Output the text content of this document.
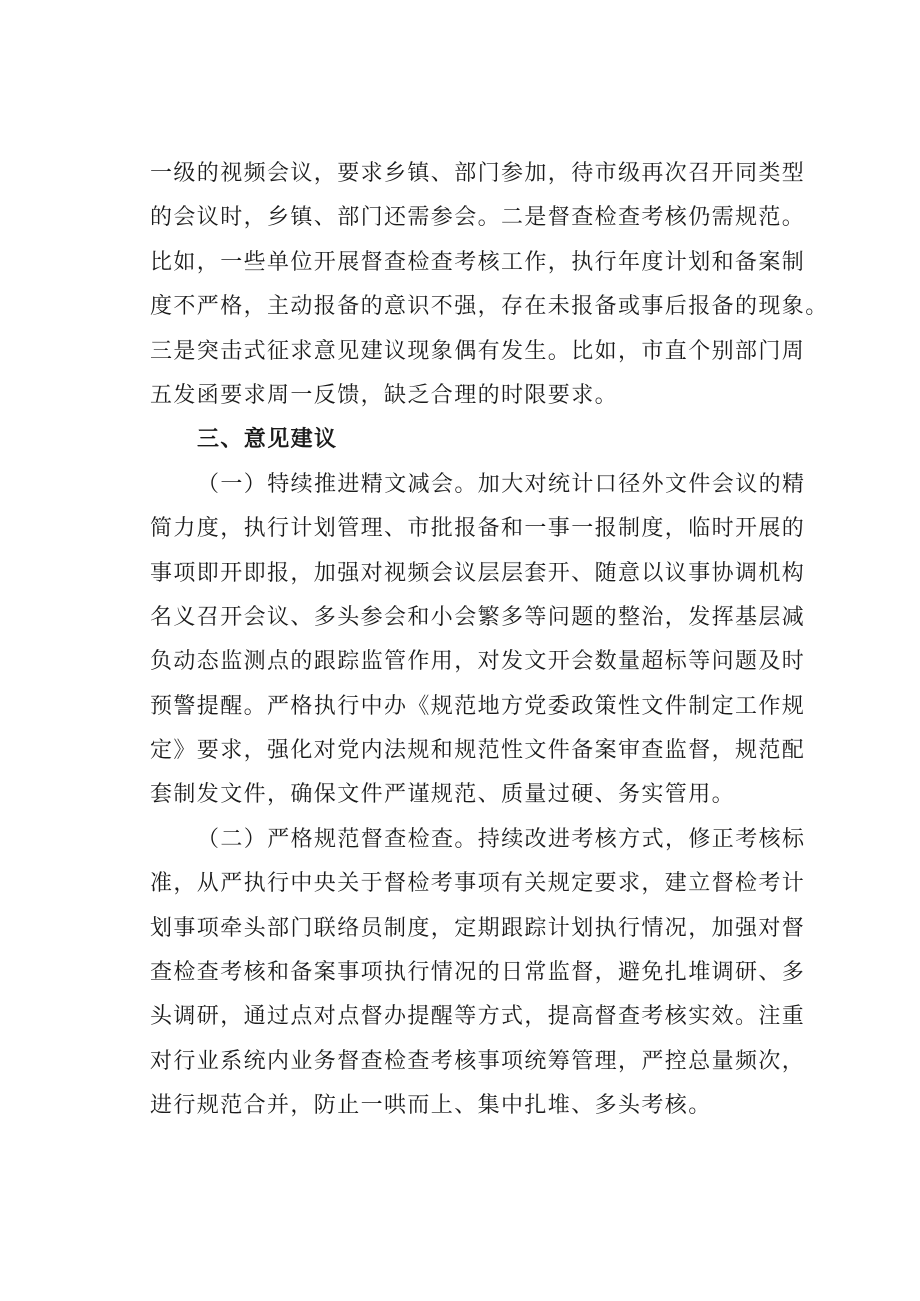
一级的视频会议，要求乡镇、部门参加，待市级再次召开同类型
的会议时，乡镇、部门还需参会。二是督查检查考核仍需规范。
比如，一些单位开展督查检查考核工作，执行年度计划和备案制
度不严格，主动报备的意识不强，存在未报备或事后报备的现象。
三是突击式征求意见建议现象偶有发生。比如，市直个别部门周
五发函要求周一反馈，缺乏合理的时限要求。
三、意见建议
（一）特续推进精文减会。加大对统计口径外文件会议的精
简力度，执行计划管理、市批报备和一事一报制度，临时开展的
事项即开即报，加强对视频会议层层套开、随意以议事协调机构
名义召开会议、多头参会和小会繁多等问题的整治，发挥基层减
负动态监测点的跟踪监管作用，对发文开会数量超标等问题及时
预警提醒。严格执行中办《规范地方党委政策性文件制定工作规
定》要求，强化对党内法规和规范性文件备案审查监督，规范配
套制发文件，确保文件严谨规范、质量过硬、务实管用。
（二）严格规范督查检查。持续改进考核方式，修正考核标
准，从严执行中央关于督检考事项有关规定要求，建立督检考计
划事项牵头部门联络员制度，定期跟踪计划执行情况，加强对督
查检查考核和备案事项执行情况的日常监督，避免扎堆调研、多
头调研，通过点对点督办提醒等方式，提高督查考核实效。注重
对行业系统内业务督查检查考核事项统筹管理，严控总量频次，
进行规范合并，防止一哄而上、集中扎堆、多头考核。
